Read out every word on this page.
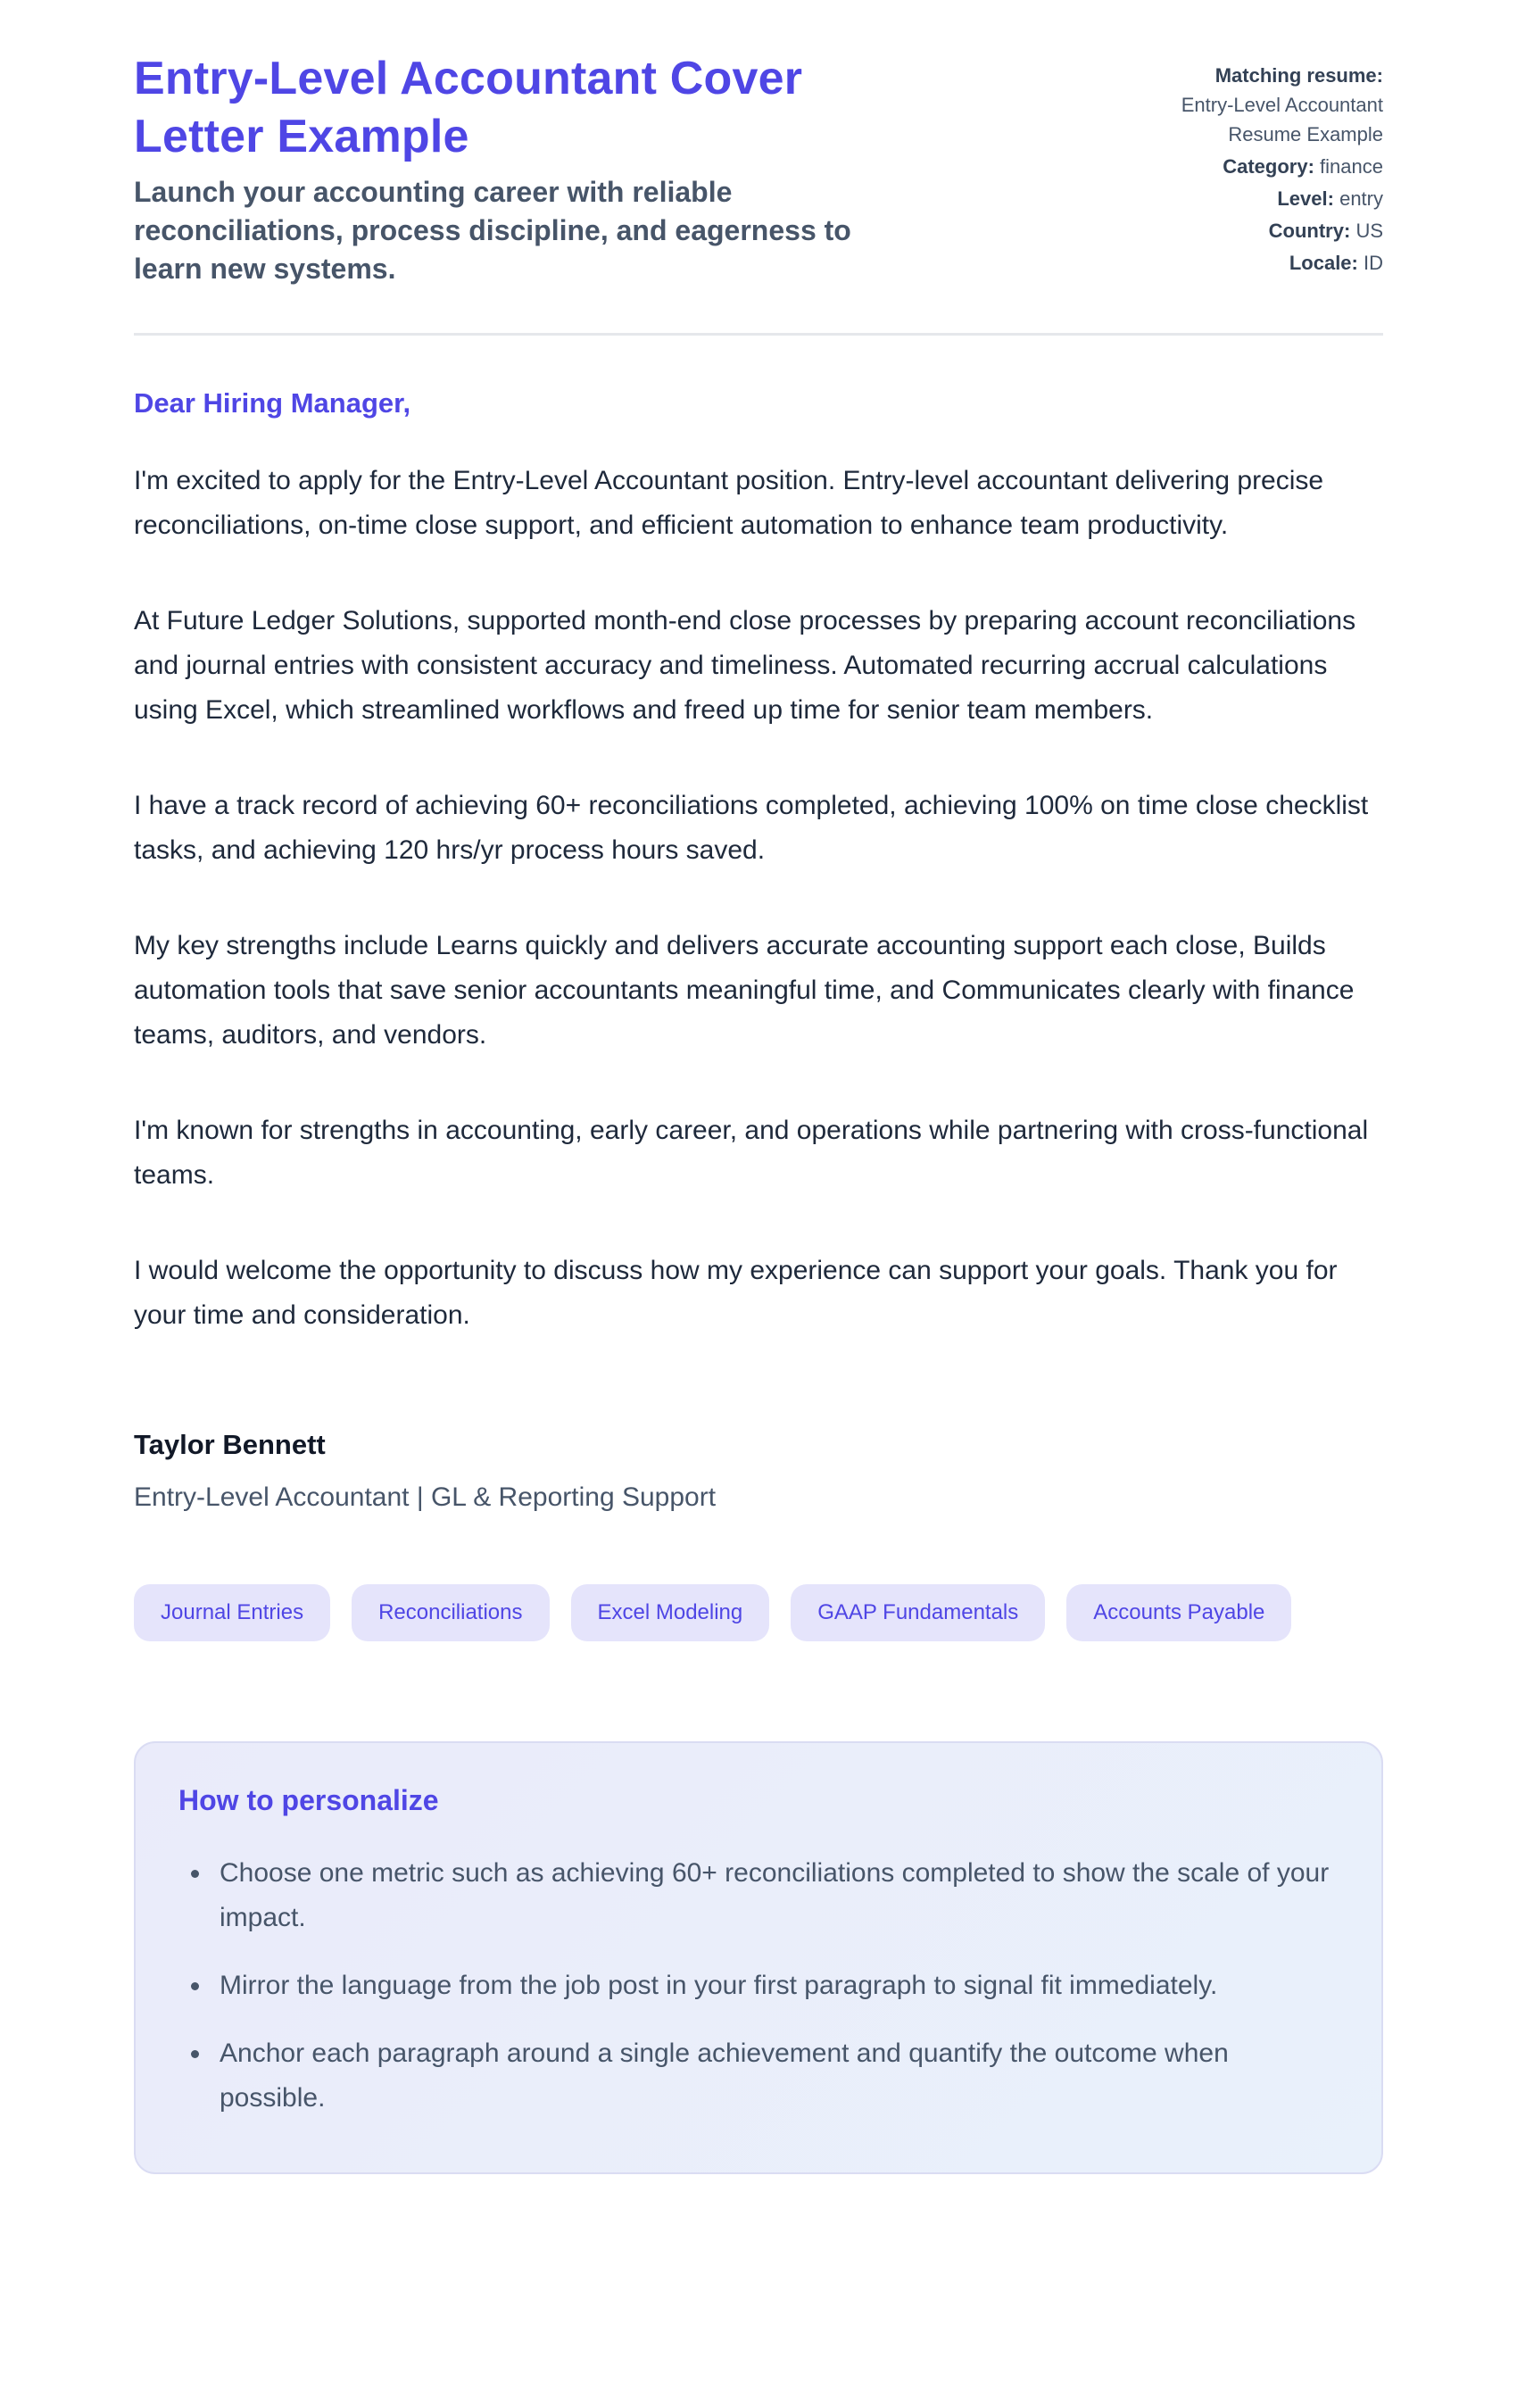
Entry-Level Accountant Cover Letter Example

Launch your accounting career with reliable reconciliations, process discipline, and eagerness to learn new systems.

Matching resume:
Entry-Level Accountant Resume Example
Category: finance
Level: entry
Country: US
Locale: ID
Dear Hiring Manager,

I'm excited to apply for the Entry-Level Accountant position. Entry-level accountant delivering precise reconciliations, on-time close support, and efficient automation to enhance team productivity.

At Future Ledger Solutions, supported month-end close processes by preparing account reconciliations and journal entries with consistent accuracy and timeliness. Automated recurring accrual calculations using Excel, which streamlined workflows and freed up time for senior team members.

I have a track record of achieving 60+ reconciliations completed, achieving 100% on time close checklist tasks, and achieving 120 hrs/yr process hours saved.

My key strengths include Learns quickly and delivers accurate accounting support each close, Builds automation tools that save senior accountants meaningful time, and Communicates clearly with finance teams, auditors, and vendors.

I'm known for strengths in accounting, early career, and operations while partnering with cross-functional teams.

I would welcome the opportunity to discuss how my experience can support your goals. Thank you for your time and consideration.

Taylor Bennett
Entry-Level Accountant | GL & Reporting Support
Journal Entries	Reconciliations	Excel Modeling	GAAP Fundamentals	Accounts Payable
How to personalize
• Choose one metric such as achieving 60+ reconciliations completed to show the scale of your impact.
• Mirror the language from the job post in your first paragraph to signal fit immediately.
• Anchor each paragraph around a single achievement and quantify the outcome when possible.
